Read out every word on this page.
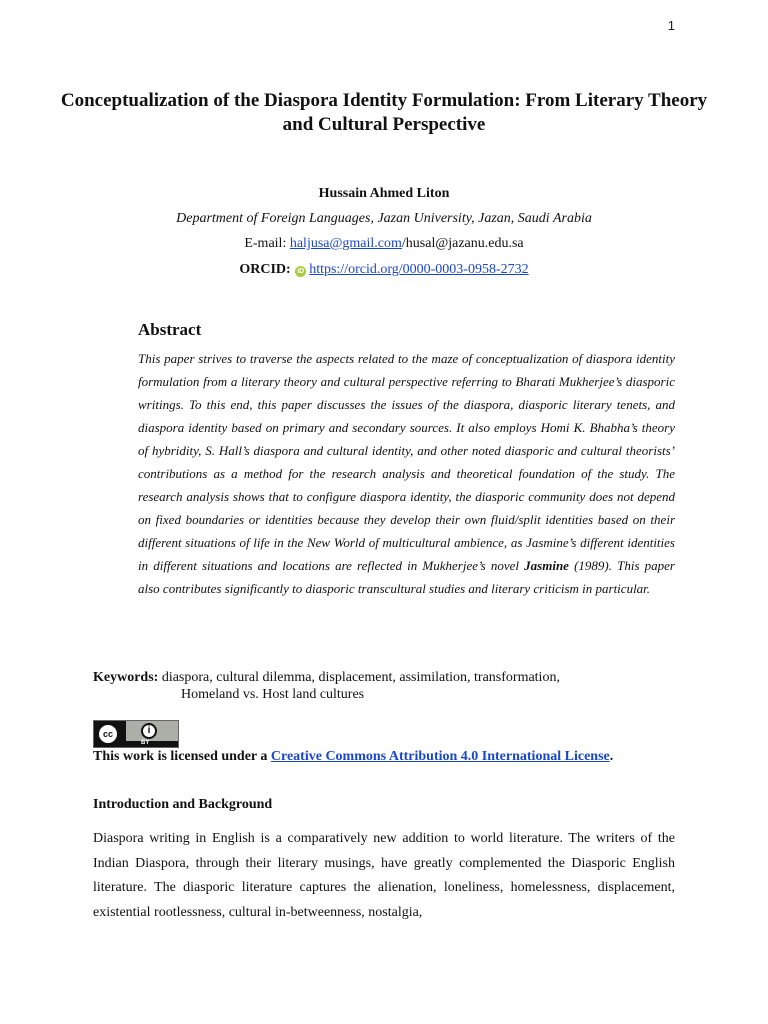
1
Conceptualization of the Diaspora Identity Formulation: From Literary Theory and Cultural Perspective
Hussain Ahmed Liton
Department of Foreign Languages, Jazan University, Jazan, Saudi Arabia
E-mail: haljusa@gmail.com/husal@jazanu.edu.sa
ORCID: iD https://orcid.org/0000-0003-0958-2732
Abstract

This paper strives to traverse the aspects related to the maze of conceptualization of diaspora identity formulation from a literary theory and cultural perspective referring to Bharati Mukherjee’s diasporic writings. To this end, this paper discusses the issues of the diaspora, diasporic literary tenets, and diaspora identity based on primary and secondary sources. It also employs Homi K. Bhabha’s theory of hybridity, S. Hall’s diaspora and cultural identity, and other noted diasporic and cultural theorists’ contributions as a method for the research analysis and theoretical foundation of the study. The research analysis shows that to configure diaspora identity, the diasporic community does not depend on fixed boundaries or identities because they develop their own fluid/split identities based on their different situations of life in the New World of multicultural ambience, as Jasmine’s different identities in different situations and locations are reflected in Mukherjee’s novel Jasmine (1989). This paper also contributes significantly to diasporic transcultural studies and literary criticism in particular.

Keywords: diaspora, cultural dilemma, displacement, assimilation, transformation,
Homeland vs. Host land cultures
cc	i
BY
This work is licensed under a Creative Commons Attribution 4.0 International License.
Introduction and Background

Diaspora writing in English is a comparatively new addition to world literature. The writers of the Indian Diaspora, through their literary musings, have greatly complemented the Diasporic English literature. The diasporic literature captures the alienation, loneliness, homelessness, displacement, existential rootlessness, cultural in-betweenness, nostalgia,
